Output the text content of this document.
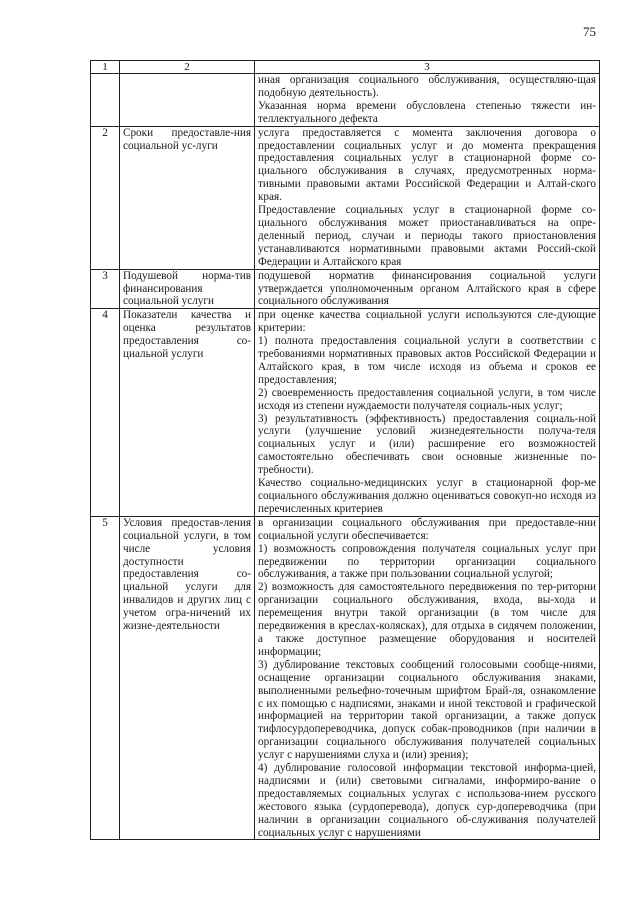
75
1	2	3

		иная организация социального обслуживания, осуществляю-щая подобную деятельность).

Указанная норма времени обусловлена степенью тяжести ин-теллектуального дефекта

2	Сроки предоставле-ния социальной ус-луги	услуга предоставляется с момента заключения договора о предоставлении социальных услуг и до момента прекращения предоставления социальных услуг в стационарной форме со-циального обслуживания в случаях, предусмотренных норма-тивными правовыми актами Российской Федерации и Алтай-ского края.

Предоставление социальных услуг в стационарной форме со-циального обслуживания может приостанавливаться на опре-деленный период, случаи и периоды такого приостановления устанавливаются нормативными правовыми актами Россий-ской Федерации и Алтайского края

3	Подушевой норма-тив финансирования социальной услуги	подушевой норматив финансирования социальной услуги утверждается уполномоченным органом Алтайского края в сфере социального обслуживания

4	Показатели качества и оценка результатов предоставления со-циальной услуги	при оценке качества социальной услуги используются сле-дующие критерии:

1) полнота предоставления социальной услуги в соответствии с требованиями нормативных правовых актов Российской Федерации и Алтайского края, в том числе исходя из объема и сроков ее предоставления;

2) своевременность предоставления социальной услуги, в том числе исходя из степени нуждаемости получателя социаль-ных услуг;

3) результативность (эффективность) предоставления социаль-ной услуги (улучшение условий жизнедеятельности получа-теля социальных услуг и (или) расширение его возможностей самостоятельно обеспечивать свои основные жизненные по-требности).

Качество социально-медицинских услуг в стационарной фор-ме социального обслуживания должно оцениваться совокуп-но исходя из перечисленных критериев

5	Условия предостав-ления социальной услуги, в том числе условия доступности предоставления со-циальной услуги для инвалидов и других лиц с учетом огра-ничений их жизне-деятельности	в организации социального обслуживания при предоставле-нии социальной услуги обеспечивается:

1) возможность сопровождения получателя социальных услуг при передвижении по территории организации социального обслуживания, а также при пользовании социальной услугой;

2) возможность для самостоятельного передвижения по тер-ритории организации социального обслуживания, входа, вы-хода и перемещения внутри такой организации (в том числе для передвижения в креслах-колясках), для отдыха в сидячем положении, а также доступное размещение оборудования и носителей информации;

3) дублирование текстовых сообщений голосовыми сообще-ниями, оснащение организации социального обслуживания знаками, выполненными рельефно-точечным шрифтом Брай-ля, ознакомление с их помощью с надписями, знаками и иной текстовой и графической информацией на территории такой организации, а также допуск тифлосурдопереводчика, допуск собак-проводников (при наличии в организации социального обслуживания получателей социальных услуг с нарушениями слуха и (или) зрения);

4) дублирование голосовой информации текстовой информа-цией, надписями и (или) световыми сигналами, информиро-вание о предоставляемых социальных услугах с использова-нием русского жестового языка (сурдоперевода), допуск сур-допереводчика (при наличии в организации социального об-служивания получателей социальных услуг с нарушениями
